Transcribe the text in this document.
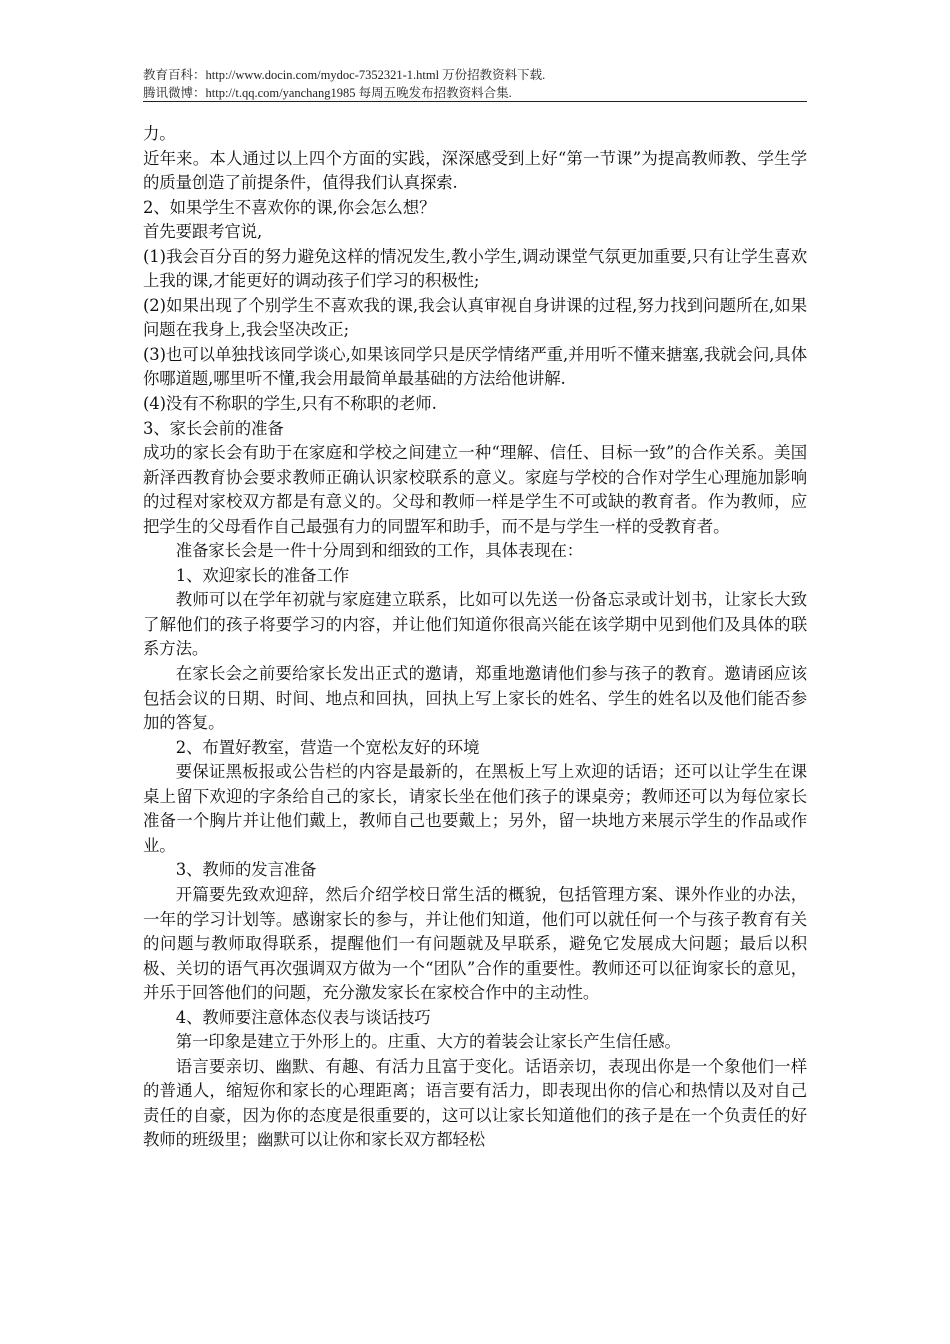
教育百科：http://www.docin.com/mydoc-7352321-1.html 万份招教资料下载.
腾讯微博：http://t.qq.com/yanchang1985 每周五晚发布招教资料合集.

力。

近年来。本人通过以上四个方面的实践，深深感受到上好“第一节课”为提高教师教、学生学的质量创造了前提条件，值得我们认真探索.

2、如果学生不喜欢你的课,你会怎么想？

首先要跟考官说,

(1)我会百分百的努力避免这样的情况发生,教小学生,调动课堂气氛更加重要,只有让学生喜欢上我的课,才能更好的调动孩子们学习的积极性;

(2)如果出现了个别学生不喜欢我的课,我会认真审视自身讲课的过程,努力找到问题所在,如果问题在我身上,我会坚决改正;

(3)也可以单独找该同学谈心,如果该同学只是厌学情绪严重,并用听不懂来搪塞,我就会问,具体你哪道题,哪里听不懂,我会用最简单最基础的方法给他讲解.

(4)没有不称职的学生,只有不称职的老师.

3、家长会前的准备

成功的家长会有助于在家庭和学校之间建立一种“理解、信任、目标一致”的合作关系。美国新泽西教育协会要求教师正确认识家校联系的意义。家庭与学校的合作对学生心理施加影响的过程对家校双方都是有意义的。父母和教师一样是学生不可或缺的教育者。作为教师，应把学生的父母看作自己最强有力的同盟军和助手，而不是与学生一样的受教育者。

准备家长会是一件十分周到和细致的工作，具体表现在：

1、欢迎家长的准备工作

教师可以在学年初就与家庭建立联系，比如可以先送一份备忘录或计划书，让家长大致了解他们的孩子将要学习的内容，并让他们知道你很高兴能在该学期中见到他们及具体的联系方法。

在家长会之前要给家长发出正式的邀请，郑重地邀请他们参与孩子的教育。邀请函应该包括会议的日期、时间、地点和回执，回执上写上家长的姓名、学生的姓名以及他们能否参加的答复。

2、布置好教室，营造一个宽松友好的环境

要保证黑板报或公告栏的内容是最新的，在黑板上写上欢迎的话语；还可以让学生在课桌上留下欢迎的字条给自己的家长，请家长坐在他们孩子的课桌旁；教师还可以为每位家长准备一个胸片并让他们戴上，教师自己也要戴上；另外，留一块地方来展示学生的作品或作业。

3、教师的发言准备

开篇要先致欢迎辞，然后介绍学校日常生活的概貌，包括管理方案、课外作业的办法，一年的学习计划等。感谢家长的参与，并让他们知道，他们可以就任何一个与孩子教育有关的问题与教师取得联系，提醒他们一有问题就及早联系，避免它发展成大问题；最后以积极、关切的语气再次强调双方做为一个“团队”合作的重要性。教师还可以征询家长的意见，并乐于回答他们的问题，充分激发家长在家校合作中的主动性。

4、教师要注意体态仪表与谈话技巧

第一印象是建立于外形上的。庄重、大方的着装会让家长产生信任感。

语言要亲切、幽默、有趣、有活力且富于变化。话语亲切，表现出你是一个象他们一样的普通人，缩短你和家长的心理距离；语言要有活力，即表现出你的信心和热情以及对自己责任的自豪，因为你的态度是很重要的，这可以让家长知道他们的孩子是在一个负责任的好教师的班级里；幽默可以让你和家长双方都轻松
